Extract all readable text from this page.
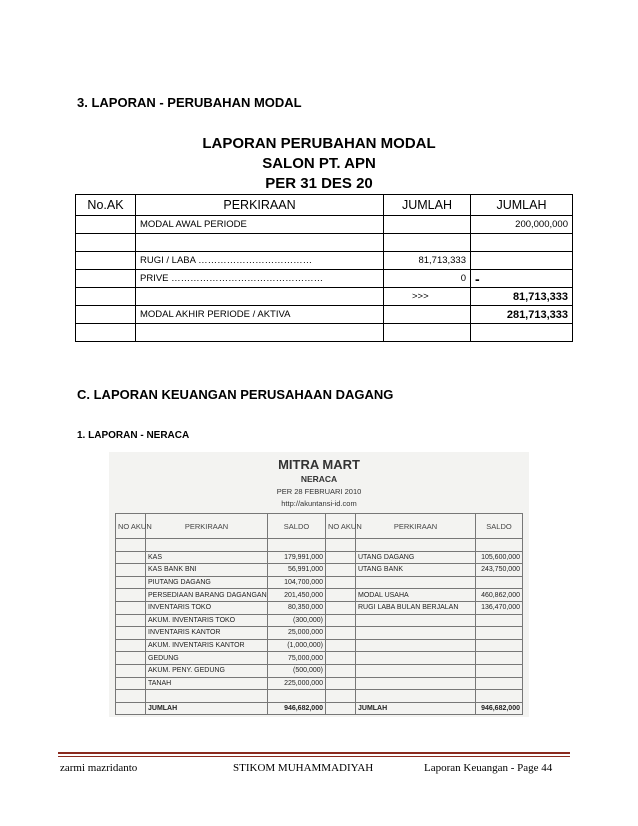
3. LAPORAN - PERUBAHAN MODAL
LAPORAN PERUBAHAN MODAL
SALON PT. APN
PER 31 DES 20
No.AK	PERKIRAAN	JUMLAH	JUMLAH
	MODAL AWAL PERIODE		200,000,000

	RUGI / LABA ………………………………	81,713,333	
	PRIVE …………………………………………	0	-
		>>>	81,713,333
	MODAL AKHIR PERIODE / AKTIVA		281,713,333

C. LAPORAN KEUANGAN PERUSAHAAN DAGANG
1. LAPORAN - NERACA
MITRA MART
NERACA
PER 28 FEBRUARI 2010
http://akuntansi-id.com
NO AKUN	PERKIRAAN	SALDO	NO AKUN	PERKIRAAN	SALDO

	KAS	179,991,000		UTANG DAGANG	105,600,000
	KAS BANK BNI	56,991,000		UTANG BANK	243,750,000
	PIUTANG DAGANG	104,700,000			
	PERSEDIAAN BARANG DAGANGAN	201,450,000		MODAL USAHA	460,862,000
	INVENTARIS TOKO	80,350,000		RUGI LABA BULAN BERJALAN	136,470,000
	AKUM. INVENTARIS TOKO	(300,000)			
	INVENTARIS KANTOR	25,000,000			
	AKUM. INVENTARIS KANTOR	(1,000,000)			
	GEDUNG	75,000,000			
	AKUM. PENY. GEDUNG	(500,000)			
	TANAH	225,000,000			

	JUMLAH	946,682,000		JUMLAH	946,682,000
zarmi mazridanto	STIKOM MUHAMMADIYAH	Laporan Keuangan - Page 44
